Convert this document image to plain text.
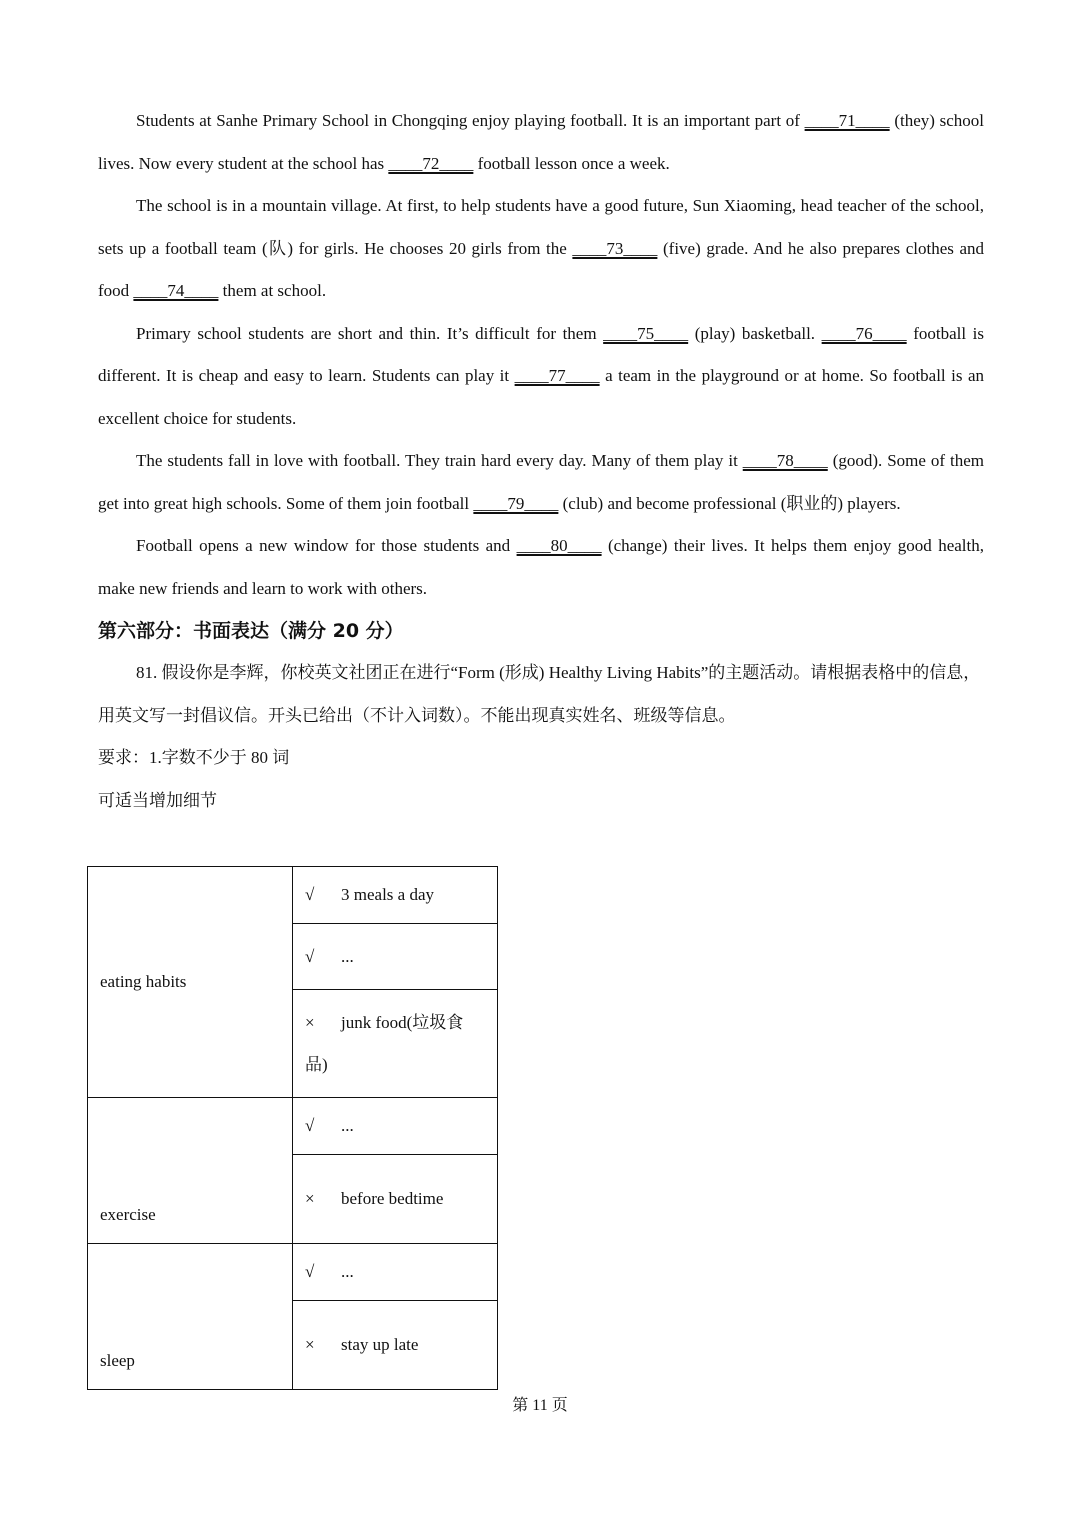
Students at Sanhe Primary School in Chongqing enjoy playing football. It is an important part of ____71____ (they) school lives. Now every student at the school has ____72____ football lesson once a week.

The school is in a mountain village. At first, to help students have a good future, Sun Xiaoming, head teacher of the school, sets up a football team (队) for girls. He chooses 20 girls from the ____73____ (five) grade. And he also prepares clothes and food ____74____ them at school.

Primary school students are short and thin. It’s difficult for them ____75____ (play) basketball. ____76____ football is different. It is cheap and easy to learn. Students can play it ____77____ a team in the playground or at home. So football is an excellent choice for students.

The students fall in love with football. They train hard every day. Many of them play it ____78____ (good). Some of them get into great high schools. Some of them join football ____79____ (club) and become professional (职业的) players.

Football opens a new window for those students and ____80____ (change) their lives. It helps them enjoy good health, make new friends and learn to work with others.

第六部分：书面表达（满分 20 分）

81. 假设你是李辉，你校英文社团正在进行“Form (形成) Healthy Living Habits”的主题活动。请根据表格中的信息，用英文写一封倡议信。开头已给出（不计入词数）。不能出现真实姓名、班级等信息。

要求：1.字数不少于 80 词

可适当增加细节

eating habits	√ 3 meals a day
	√ ...
	× junk food(垃圾食品)
exercise	√ ...
	× before bedtime
sleep	√ ...
	× stay up late
第 11 页
